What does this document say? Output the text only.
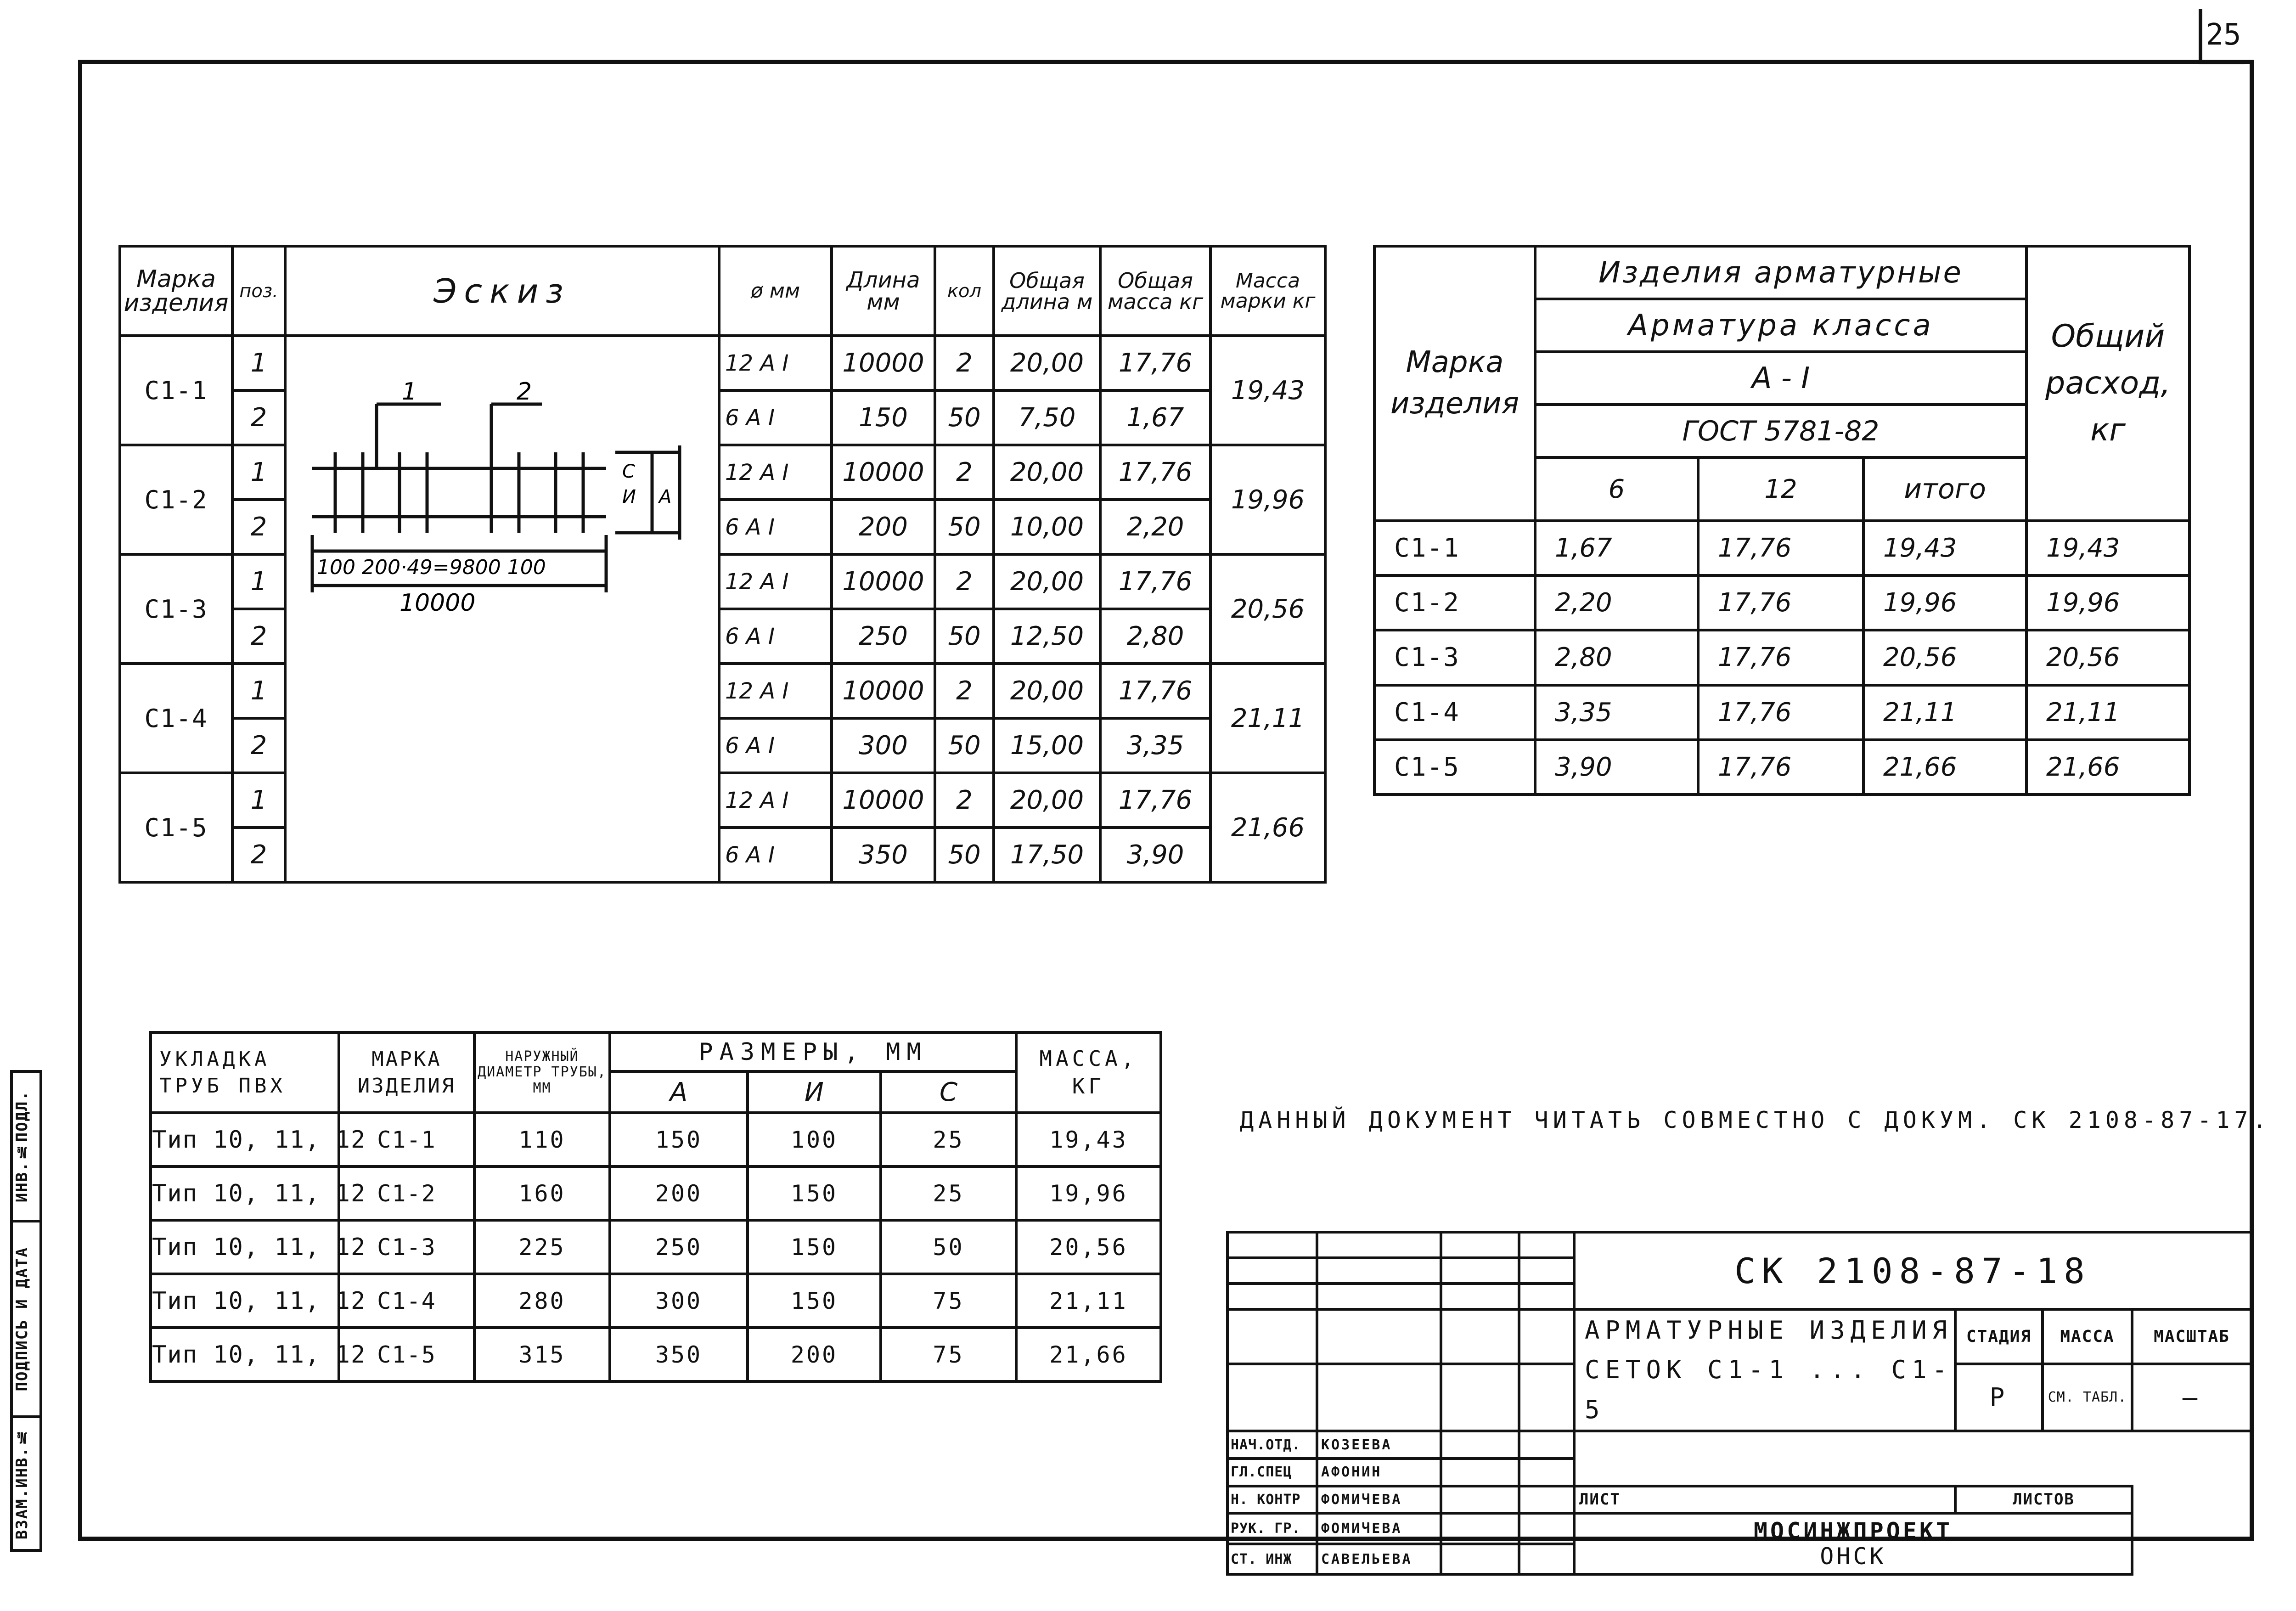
25
ИНВ.№ПОДЛ.

ПОДПИСЬ И ДАТА

ВЗАМ.ИНВ.№
Марка изделия	поз.	Эскиз	ø мм	Длина мм	кол	Общая длина м	Общая масса кг	Масса марки кг
С1-1	1		12 А I	10000	2	20,00	17,76	19,43
	2		6 А I	150	50	7,50	1,67	
С1-2	1		12 А I	10000	2	20,00	17,76	19,96
	2		6 А I	200	50	10,00	2,20	
С1-3	1		12 А I	10000	2	20,00	17,76	20,56
	2		6 А I	250	50	12,50	2,80	
С1-4	1		12 А I	10000	2	20,00	17,76	21,11
	2		6 А I	300	50	15,00	3,35	
С1-5	1		12 А I	10000	2	20,00	17,76	21,66
	2		6 А I	350	50	17,50	3,90	
1	2
100 200·49=9800 100
10000
С
И А
Марка изделия	Изделия арматурные			Общий расход, кг
	Арматура класса			
	А - I			
	ГОСТ 5781-82			
	6	12	итого	
С1-1	1,67	17,76	19,43	19,43
С1-2	2,20	17,76	19,96	19,96
С1-3	2,80	17,76	20,56	20,56
С1-4	3,35	17,76	21,11	21,11
С1-5	3,90	17,76	21,66	21,66
УКЛАДКА ТРУБ ПВХ	МАРКА ИЗДЕЛИЯ	НАРУЖНЫЙ ДИАМЕТР ТРУБЫ, ММ	РАЗМЕРЫ, ММ			МАССА, КГ
			А	И	С	
Тип 10, 11, 12	С1-1	110	150	100	25	19,43
Тип 10, 11, 12	С1-2	160	200	150	25	19,96
Тип 10, 11, 12	С1-3	225	250	150	50	20,56
Тип 10, 11, 12	С1-4	280	300	150	75	21,11
Тип 10, 11, 12	С1-5	315	350	200	75	21,66
ДАННЫЙ ДОКУМЕНТ ЧИТАТЬ СОВМЕСТНО С ДОКУМ. СК 2108-87-17.
				СК 2108-87-18			

				АРМАТУРНЫЕ ИЗДЕЛИЯ
СЕТОК С1-1 ... С1-5	СТАДИЯ	МАССА	МАСШТАБ
					Р	СМ. ТАБЛ.	—
НАЧ.ОТД.	КОЗЕЕВА						
ГЛ.СПЕЦ	АФОНИН						
Н. КОНТР	ФОМИЧЕВА			ЛИСТ	ЛИСТОВ		
РУК. ГР.	ФОМИЧЕВА			МОСИНЖПРОЕКТ
ОНСК			

СТ. ИНЖ	САВЕЛЬЕВА						
